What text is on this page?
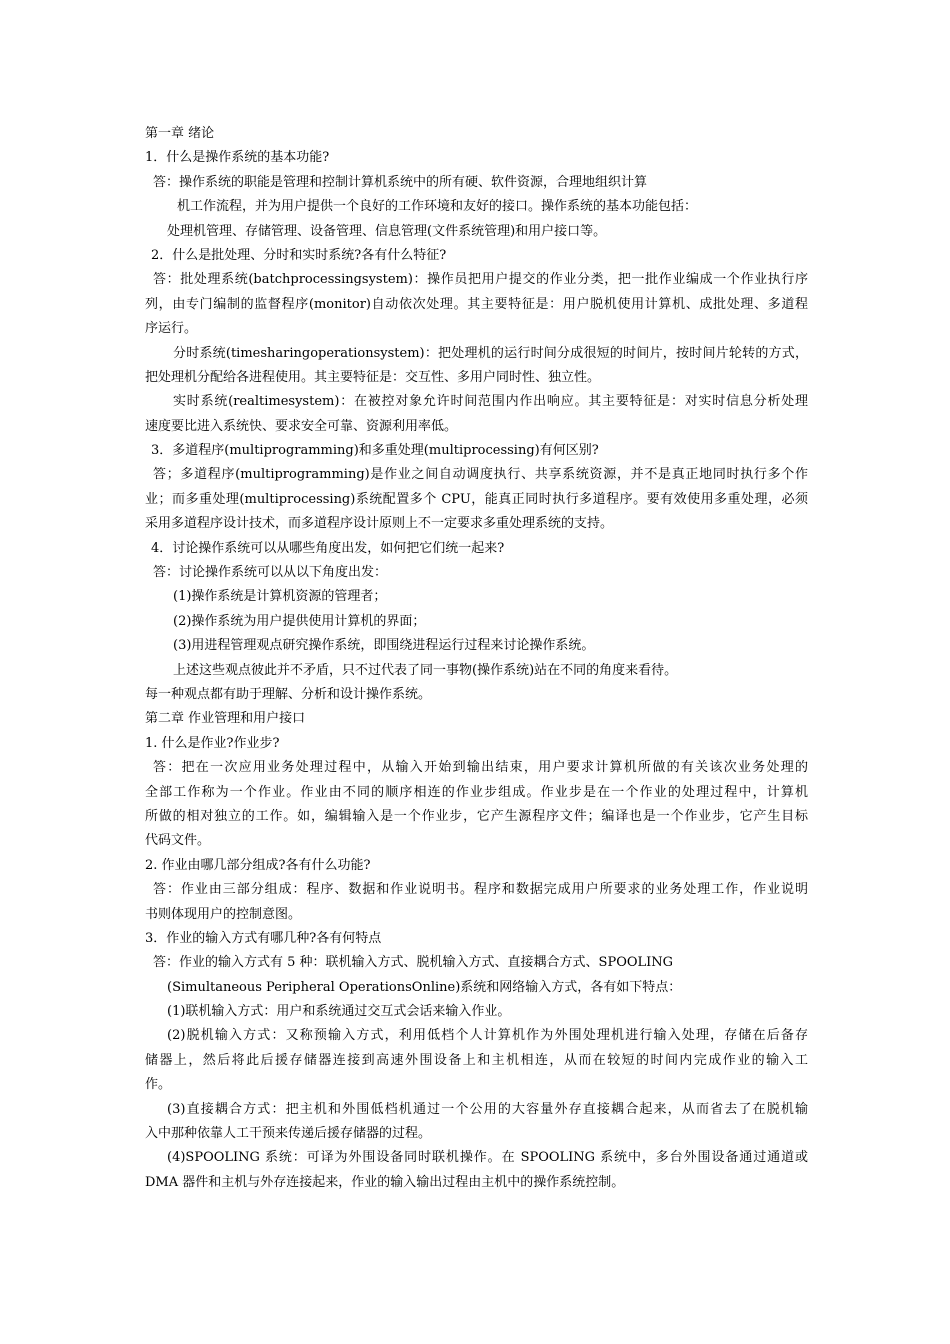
第一章 绪论
1．什么是操作系统的基本功能?
答：操作系统的职能是管理和控制计算机系统中的所有硬、软件资源，合理地组织计算
机工作流程，并为用户提供一个良好的工作环境和友好的接口。操作系统的基本功能包括：
处理机管理、存储管理、设备管理、信息管理(文件系统管理)和用户接口等。
2．什么是批处理、分时和实时系统?各有什么特征?
答：批处理系统(batchprocessingsystem)：操作员把用户提交的作业分类，把一批作业编成一个作业执行序
列，由专门编制的监督程序(monitor)自动依次处理。其主要特征是：用户脱机使用计算机、成批处理、多道程
序运行。
分时系统(timesharingoperationsystem)：把处理机的运行时间分成很短的时间片，按时间片轮转的方式，
把处理机分配给各进程使用。其主要特征是：交互性、多用户同时性、独立性。
实时系统(realtimesystem)：在被控对象允许时间范围内作出响应。其主要特征是：对实时信息分析处理
速度要比进入系统快、要求安全可靠、资源利用率低。
3．多道程序(multiprogramming)和多重处理(multiprocessing)有何区别?
答；多道程序(multiprogramming)是作业之间自动调度执行、共享系统资源，并不是真正地同时执行多个作
业；而多重处理(multiprocessing)系统配置多个 CPU，能真正同时执行多道程序。要有效使用多重处理，必须
采用多道程序设计技术，而多道程序设计原则上不一定要求多重处理系统的支持。
4．讨论操作系统可以从哪些角度出发，如何把它们统一起来?
答：讨论操作系统可以从以下角度出发：
(1)操作系统是计算机资源的管理者；
(2)操作系统为用户提供使用计算机的界面；
(3)用进程管理观点研究操作系统，即围绕进程运行过程来讨论操作系统。
上述这些观点彼此并不矛盾，只不过代表了同一事物(操作系统)站在不同的角度来看待。
每一种观点都有助于理解、分析和设计操作系统。
第二章 作业管理和用户接口
1. 什么是作业?作业步?
答：把在一次应用业务处理过程中，从输入开始到输出结束，用户要求计算机所做的有关该次业务处理的
全部工作称为一个作业。作业由不同的顺序相连的作业步组成。作业步是在一个作业的处理过程中，计算机
所做的相对独立的工作。如，编辑输入是一个作业步，它产生源程序文件；编译也是一个作业步，它产生目标
代码文件。
2. 作业由哪几部分组成?各有什么功能?
答：作业由三部分组成：程序、数据和作业说明书。程序和数据完成用户所要求的业务处理工作，作业说明
书则体现用户的控制意图。
3．作业的输入方式有哪几种?各有何特点
答：作业的输入方式有 5 种：联机输入方式、脱机输入方式、直接耦合方式、SPOOLING
(Simultaneous Peripheral OperationsOnline)系统和网络输入方式，各有如下特点：
(1)联机输入方式：用户和系统通过交互式会话来输入作业。
(2)脱机输入方式：又称预输入方式，利用低档个人计算机作为外围处理机进行输入处理，存储在后备存
储器上，然后将此后援存储器连接到高速外围设备上和主机相连，从而在较短的时间内完成作业的输入工
作。
(3)直接耦合方式：把主机和外围低档机通过一个公用的大容量外存直接耦合起来，从而省去了在脱机输
入中那种依靠人工干预来传递后援存储器的过程。
(4)SPOOLING 系统：可译为外围设备同时联机操作。在 SPOOLING 系统中，多台外围设备通过通道或
DMA 器件和主机与外存连接起来，作业的输入输出过程由主机中的操作系统控制。
